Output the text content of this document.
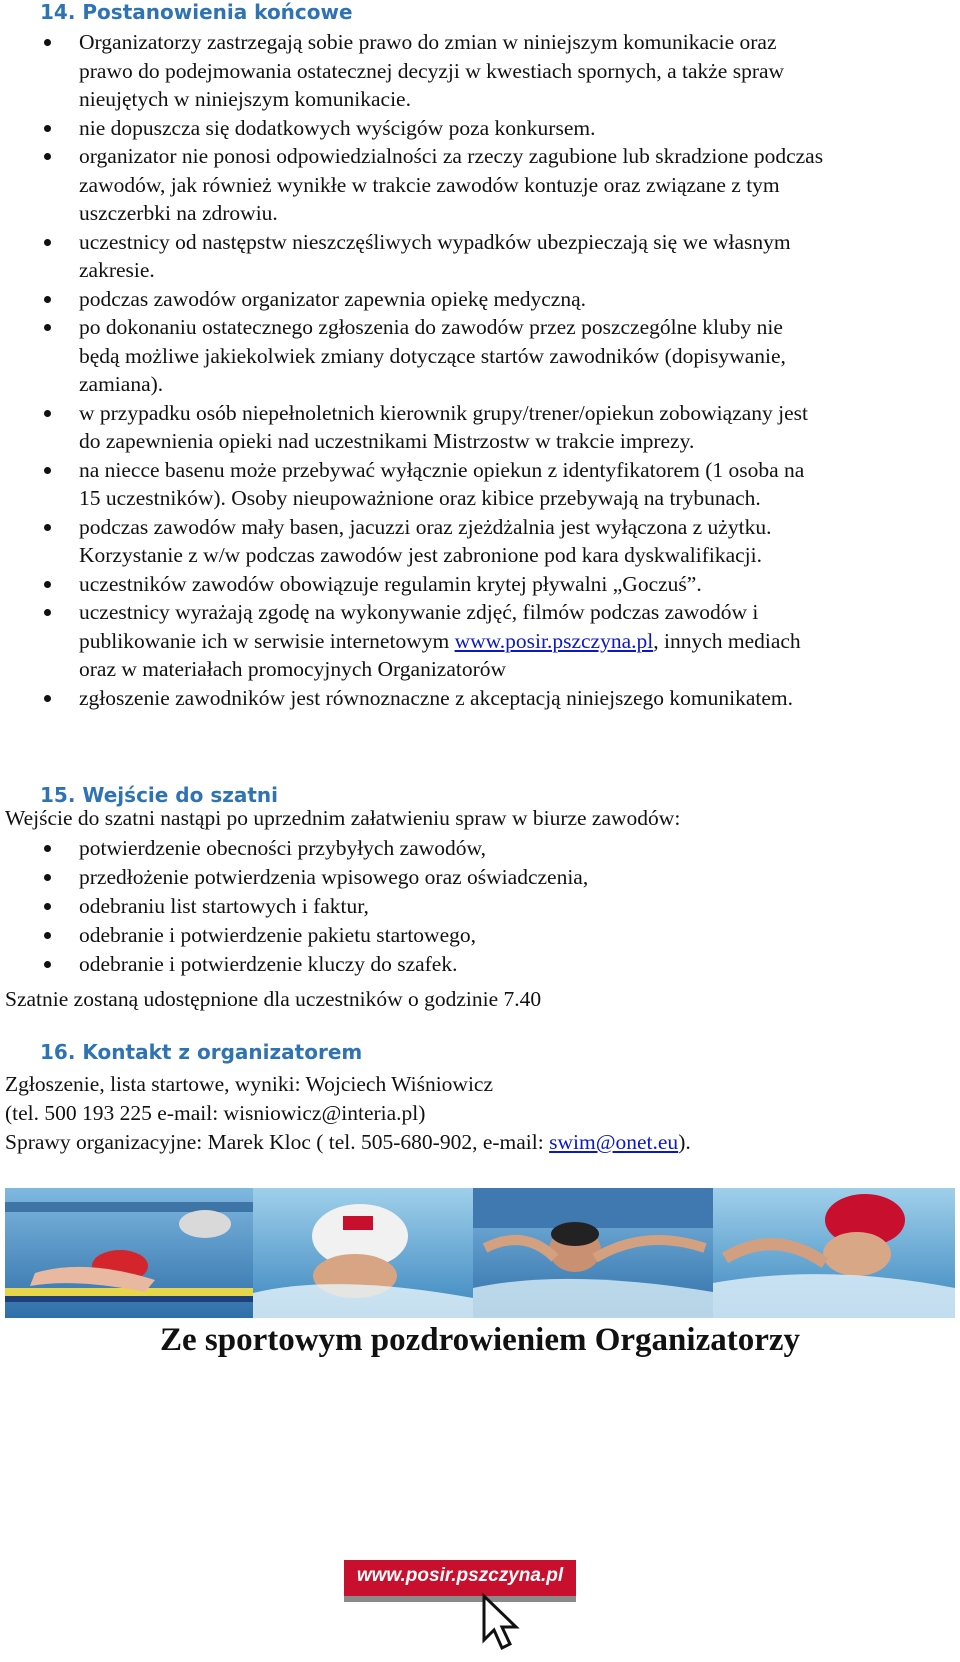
14. Postanowienia końcowe
Organizatorzy zastrzegają sobie prawo do zmian w niniejszym komunikacie oraz
prawo do podejmowania ostatecznej decyzji w kwestiach spornych, a także spraw
nieujętych w niniejszym komunikacie.
nie dopuszcza się dodatkowych wyścigów poza konkursem.
organizator nie ponosi odpowiedzialności za rzeczy zagubione lub skradzione podczas
zawodów, jak również wynikłe w trakcie zawodów kontuzje oraz związane z tym
uszczerbki na zdrowiu.
uczestnicy od następstw nieszczęśliwych wypadków ubezpieczają się we własnym
zakresie.
podczas zawodów organizator zapewnia opiekę medyczną.
po dokonaniu ostatecznego zgłoszenia do zawodów przez poszczególne kluby nie
będą możliwe jakiekolwiek zmiany dotyczące startów zawodników (dopisywanie,
zamiana).
w przypadku osób niepełnoletnich kierownik grupy/trener/opiekun zobowiązany jest
do zapewnienia opieki nad uczestnikami Mistrzostw w trakcie imprezy.
na niecce basenu może przebywać wyłącznie opiekun z identyfikatorem (1 osoba na
15 uczestników). Osoby nieupoważnione oraz kibice przebywają na trybunach.
podczas zawodów mały basen, jacuzzi oraz zjeżdżalnia jest wyłączona z użytku.
Korzystanie z w/w podczas zawodów jest zabronione pod kara dyskwalifikacji.
uczestników zawodów obowiązuje regulamin krytej pływalni „Goczuś”.
uczestnicy wyrażają zgodę na wykonywanie zdjęć, filmów podczas zawodów i
publikowanie ich w serwisie internetowym www.posir.pszczyna.pl, innych mediach
oraz w materiałach promocyjnych Organizatorów
zgłoszenie zawodników jest równoznaczne z akceptacją niniejszego komunikatem.
15. Wejście do szatni
Wejście do szatni nastąpi po uprzednim załatwieniu spraw w biurze zawodów:
potwierdzenie obecności przybyłych zawodów,
przedłożenie potwierdzenia wpisowego oraz oświadczenia,
odebraniu list startowych i faktur,
odebranie i potwierdzenie pakietu startowego,
odebranie i potwierdzenie kluczy do szafek.
Szatnie zostaną udostępnione dla uczestników o godzinie 7.40
16. Kontakt z organizatorem
Zgłoszenie, lista startowe, wyniki: Wojciech Wiśniowicz
(tel. 500 193 225 e-mail: wisniowicz@interia.pl)
Sprawy organizacyjne: Marek Kloc ( tel. 505-680-902, e-mail: swim@onet.eu).
Ze sportowym pozdrowieniem Organizatorzy
www.posir.pszczyna.pl
